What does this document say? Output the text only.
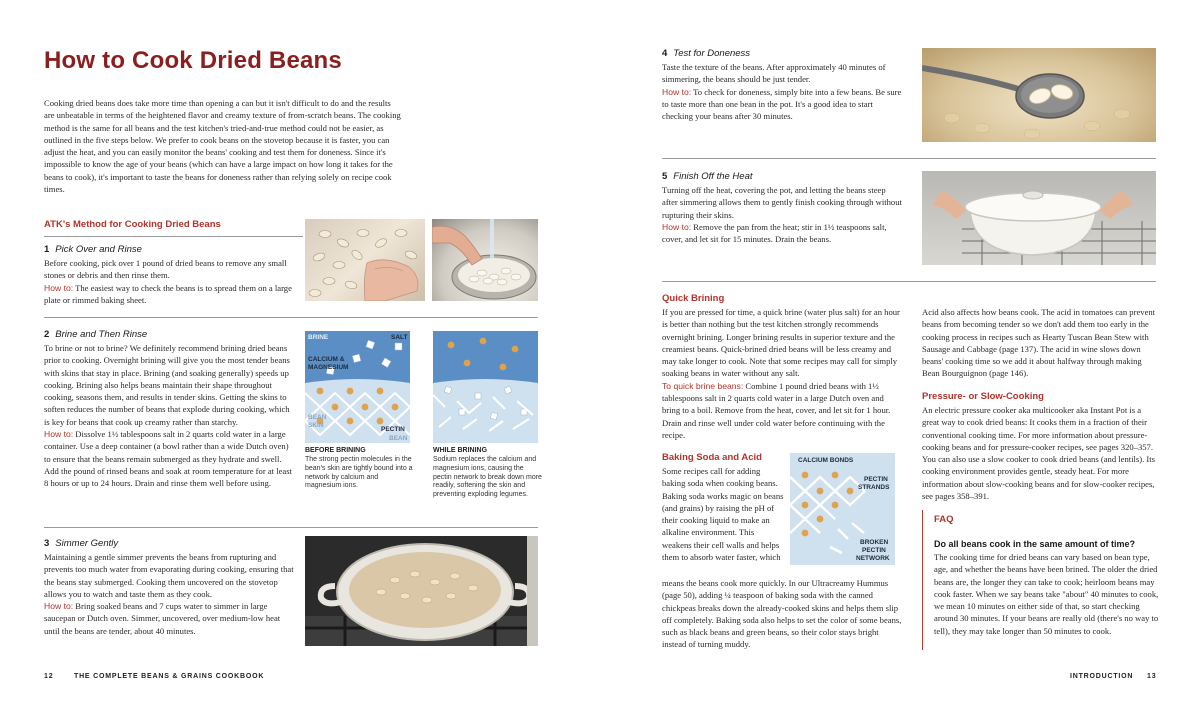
How to Cook Dried Beans
Cooking dried beans does take more time than opening a can but it isn't difficult to do and the results are unbeatable in terms of the heightened flavor and creamy texture of from-scratch beans. The cooking method is the same for all beans and the test kitchen's tried-and-true method could not be easier, as outlined in the five steps below. We prefer to cook beans on the stovetop because it is faster, you can adjust the heat, and you can easily monitor the beans' cooking and test them for doneness. Since it's impossible to know the age of your beans (which can have a large impact on how long it takes for the beans to cook), it's important to taste the beans for doneness rather than relying solely on recipe cook times.
ATK's Method for Cooking Dried Beans
1 Pick Over and Rinse
Before cooking, pick over 1 pound of dried beans to remove any small stones or debris and then rinse them.
How to: The easiest way to check the beans is to spread them on a large plate or rimmed baking sheet.
2 Brine and Then Rinse
To brine or not to brine? We definitely recommend brining dried beans prior to cooking. Overnight brining will give you the most tender beans with skins that stay in place. Brining (and soaking generally) speeds up cooking. Brining also helps beans maintain their shape throughout cooking, seasons them, and results in tender skins. Getting the skins to soften reduces the number of beans that explode during cooking, which is key for beans that cook up creamy rather than starchy.
How to: Dissolve 1½ tablespoons salt in 2 quarts cold water in a large container. Use a deep container (a bowl rather than a wide Dutch oven) to ensure that the beans remain submerged as they hydrate and swell. Add the pound of rinsed beans and soak at room temperature for at least 8 hours or up to 24 hours. Drain and rinse them well before using.
BRINE	SALT
CALCIUM &
MAGNESIUM
BEAN
SKIN
PECTIN
BEAN
BEFORE BRINING
The strong pectin molecules in the bean's skin are tightly bound into a network by calcium and magnesium ions.
WHILE BRINING
Sodium replaces the calcium and magnesium ions, causing the pectin network to break down more readily, softening the skin and preventing exploding legumes.
3 Simmer Gently
Maintaining a gentle simmer prevents the beans from rupturing and prevents too much water from evaporating during cooking, ensuring that the beans stay submerged. Cooking them uncovered on the stovetop allows you to watch and taste them as they cook.
How to: Bring soaked beans and 7 cups water to simmer in large saucepan or Dutch oven. Simmer, uncovered, over medium-low heat until the beans are tender, about 40 minutes.
12	THE COMPLETE BEANS & GRAINS COOKBOOK
4 Test for Doneness
Taste the texture of the beans. After approximately 40 minutes of simmering, the beans should be just tender.
How to: To check for doneness, simply bite into a few beans. Be sure to taste more than one bean in the pot. It's a good idea to start checking your beans after 30 minutes.
5 Finish Off the Heat
Turning off the heat, covering the pot, and letting the beans steep after simmering allows them to gently finish cooking through without rupturing their skins.
How to: Remove the pan from the heat; stir in 1½ teaspoons salt, cover, and let sit for 15 minutes. Drain the beans.
Quick Brining
If you are pressed for time, a quick brine (water plus salt) for an hour is better than nothing but the test kitchen strongly recommends overnight brining. Longer brining results in superior texture and the creamiest beans. Quick-brined dried beans will be less creamy and may take longer to cook. Note that some recipes may call for simply soaking beans in water without any salt.
To quick brine beans: Combine 1 pound dried beans with 1½ tablespoons salt in 2 quarts cold water in a large Dutch oven and bring to a boil. Remove from the heat, cover, and let sit for 1 hour. Drain and rinse well under cold water before continuing with the recipe.
Baking Soda and Acid
Some recipes call for adding baking soda when cooking beans. Baking soda works magic on beans (and grains) by raising the pH of their cooking liquid to make an alkaline environment. This weakens their cell walls and helps them to absorb water faster, which
means the beans cook more quickly. In our Ultracreamy Hummus (page 50), adding ¼ teaspoon of baking soda with the canned chickpeas breaks down the already-cooked skins and helps them slip off completely. Baking soda also helps to set the color of some beans, such as black beans and green beans, so their color stays bright instead of turning muddy.
CALCIUM BONDS
PECTIN
STRANDS
BROKEN
PECTIN
NETWORK
Acid also affects how beans cook. The acid in tomatoes can prevent beans from becoming tender so we don't add them too early in the cooking process in recipes such as Hearty Tuscan Bean Stew with Sausage and Cabbage (page 137). The acid in wine slows down beans' cooking time so we add it about halfway through making Bean Bourguignon (page 146).
Pressure- or Slow-Cooking
An electric pressure cooker aka multicooker aka Instant Pot is a great way to cook dried beans: It cooks them in a fraction of their conventional cooking time. For more information about pressure-cooking beans and for pressure-cooker recipes, see pages 320–357. You can also use a slow cooker to cook dried beans (and lentils). Its cooking environment provides gentle, steady heat. For more information about slow-cooking beans and for slow-cooker recipes, see pages 358–391.
FAQ
Do all beans cook in the same amount of time?
The cooking time for dried beans can vary based on bean type, age, and whether the beans have been brined. The older the dried beans are, the longer they can take to cook; heirloom beans may cook faster. When we say beans take "about" 40 minutes to cook, we mean 10 minutes on either side of that, so start checking around 30 minutes. If your beans are really old (there's no way to tell), they may take longer than 50 minutes to cook.
INTRODUCTION 13
